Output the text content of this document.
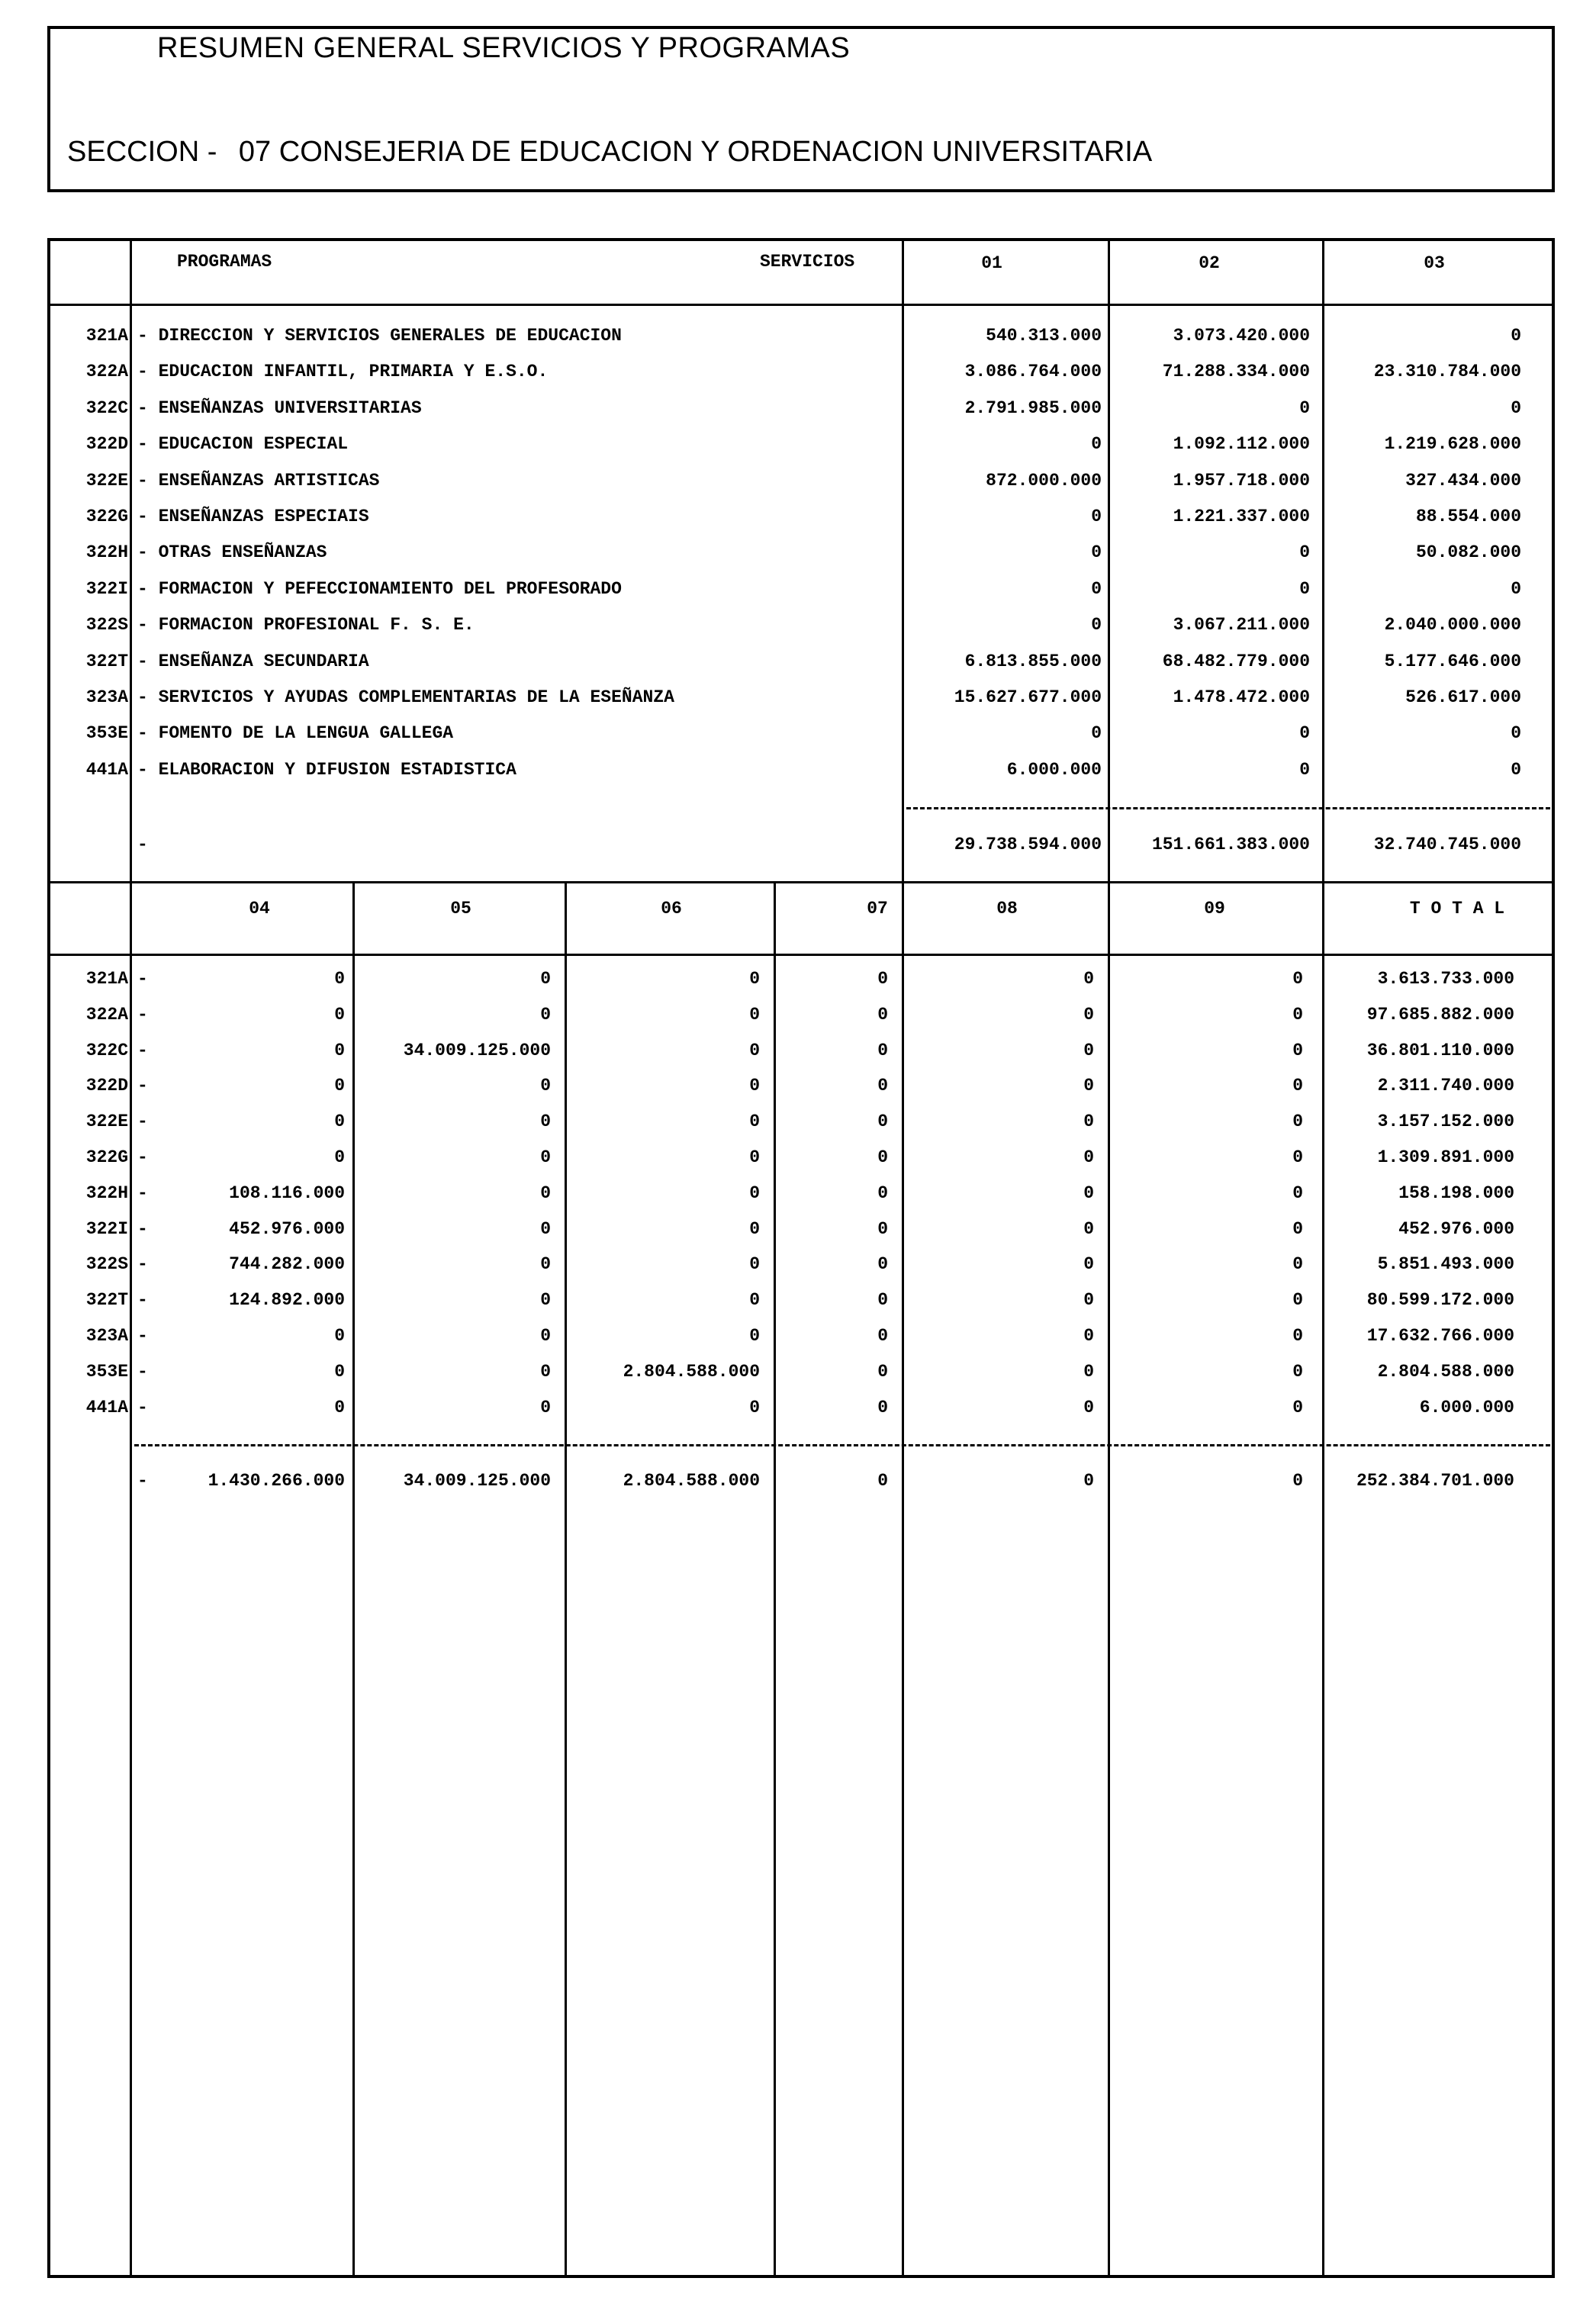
RESUMEN GENERAL SERVICIOS Y PROGRAMAS
SECCION - 07 CONSEJERIA DE EDUCACION Y ORDENACION UNIVERSITARIA
PROGRAMAS	SERVICIOS	01	02	03
321A - DIRECCION Y SERVICIOS GENERALES DE EDUCACION	540.313.000	3.073.420.000	0
322A - EDUCACION INFANTIL, PRIMARIA Y E.S.O.	3.086.764.000	71.288.334.000	23.310.784.000
322C - ENSEÑANZAS UNIVERSITARIAS	2.791.985.000	0	0
322D - EDUCACION ESPECIAL	0	1.092.112.000	1.219.628.000
322E - ENSEÑANZAS ARTISTICAS	872.000.000	1.957.718.000	327.434.000
322G - ENSEÑANZAS ESPECIAIS	0	1.221.337.000	88.554.000
322H - OTRAS ENSEÑANZAS	0	0	50.082.000
322I - FORMACION Y PEFECCIONAMIENTO DEL PROFESORADO	0	0	0
322S - FORMACION PROFESIONAL F. S. E.	0	3.067.211.000	2.040.000.000
322T - ENSEÑANZA SECUNDARIA	6.813.855.000	68.482.779.000	5.177.646.000
323A - SERVICIOS Y AYUDAS COMPLEMENTARIAS DE LA ESEÑANZA	15.627.677.000	1.478.472.000	526.617.000
353E - FOMENTO DE LA LENGUA GALLEGA	0	0	0
441A - ELABORACION Y DIFUSION ESTADISTICA	6.000.000	0	0
-	29.738.594.000	151.661.383.000	32.740.745.000
04	05	06	07	08	09	T O T A L
321A -	0	0	0	0	0	0	3.613.733.000
322A -	0	0	0	0	0	0	97.685.882.000
322C -	0	34.009.125.000	0	0	0	0	36.801.110.000
322D -	0	0	0	0	0	0	2.311.740.000
322E -	0	0	0	0	0	0	3.157.152.000
322G -	0	0	0	0	0	0	1.309.891.000
322H -	108.116.000	0	0	0	0	0	158.198.000
322I -	452.976.000	0	0	0	0	0	452.976.000
322S -	744.282.000	0	0	0	0	0	5.851.493.000
322T -	124.892.000	0	0	0	0	0	80.599.172.000
323A -	0	0	0	0	0	0	17.632.766.000
353E -	0	0	2.804.588.000	0	0	0	2.804.588.000
441A -	0	0	0	0	0	0	6.000.000
-	1.430.266.000	34.009.125.000	2.804.588.000	0	0	0	252.384.701.000
